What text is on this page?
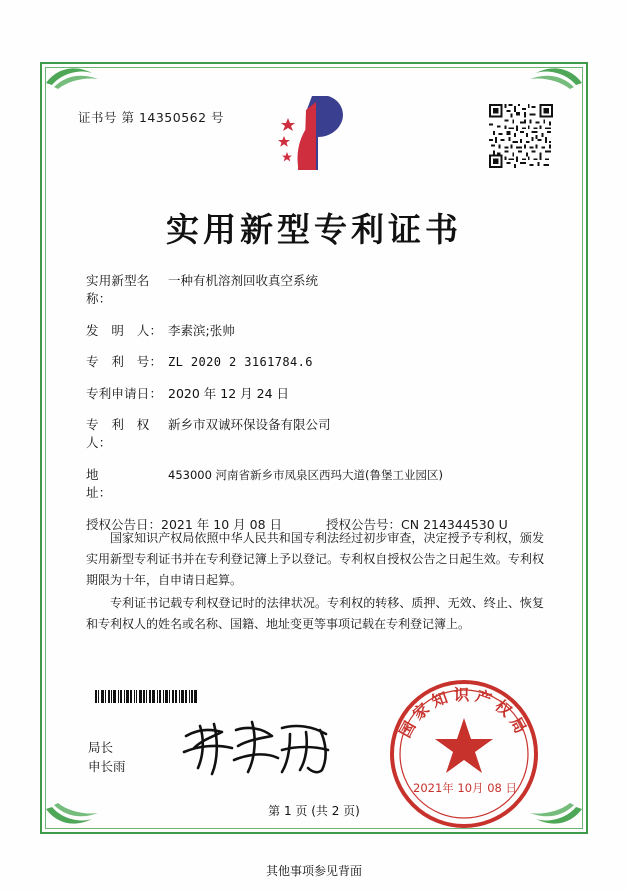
证书号 第 14350562 号
实用新型专利证书
实用新型名称：
一种有机溶剂回收真空系统
发　明　人： 李素滨;张帅
专　利　号： ZL 2020 2 3161784.6
专利申请日： 2020 年 12 月 24 日
专　利　权　人：
新乡市双诚环保设备有限公司
地　　　　址：
453000 河南省新乡市凤泉区西玛大道(鲁堡工业园区)
授权公告日：2021 年 10 月 08 日	授权公告号：CN 214344530 U

国家知识产权局依照中华人民共和国专利法经过初步审查，决定授予专利权，颁发实用新型专利证书并在专利登记簿上予以登记。专利权自授权公告之日起生效。专利权期限为十年，自申请日起算。

专利证书记载专利权登记时的法律状况。专利权的转移、质押、无效、终止、恢复和专利权人的姓名或名称、国籍、地址变更等事项记载在专利登记簿上。

局长
申长雨
国家知识产权局
2021年 10月 08 日
第 1 页 (共 2 页)
其他事项参见背面
